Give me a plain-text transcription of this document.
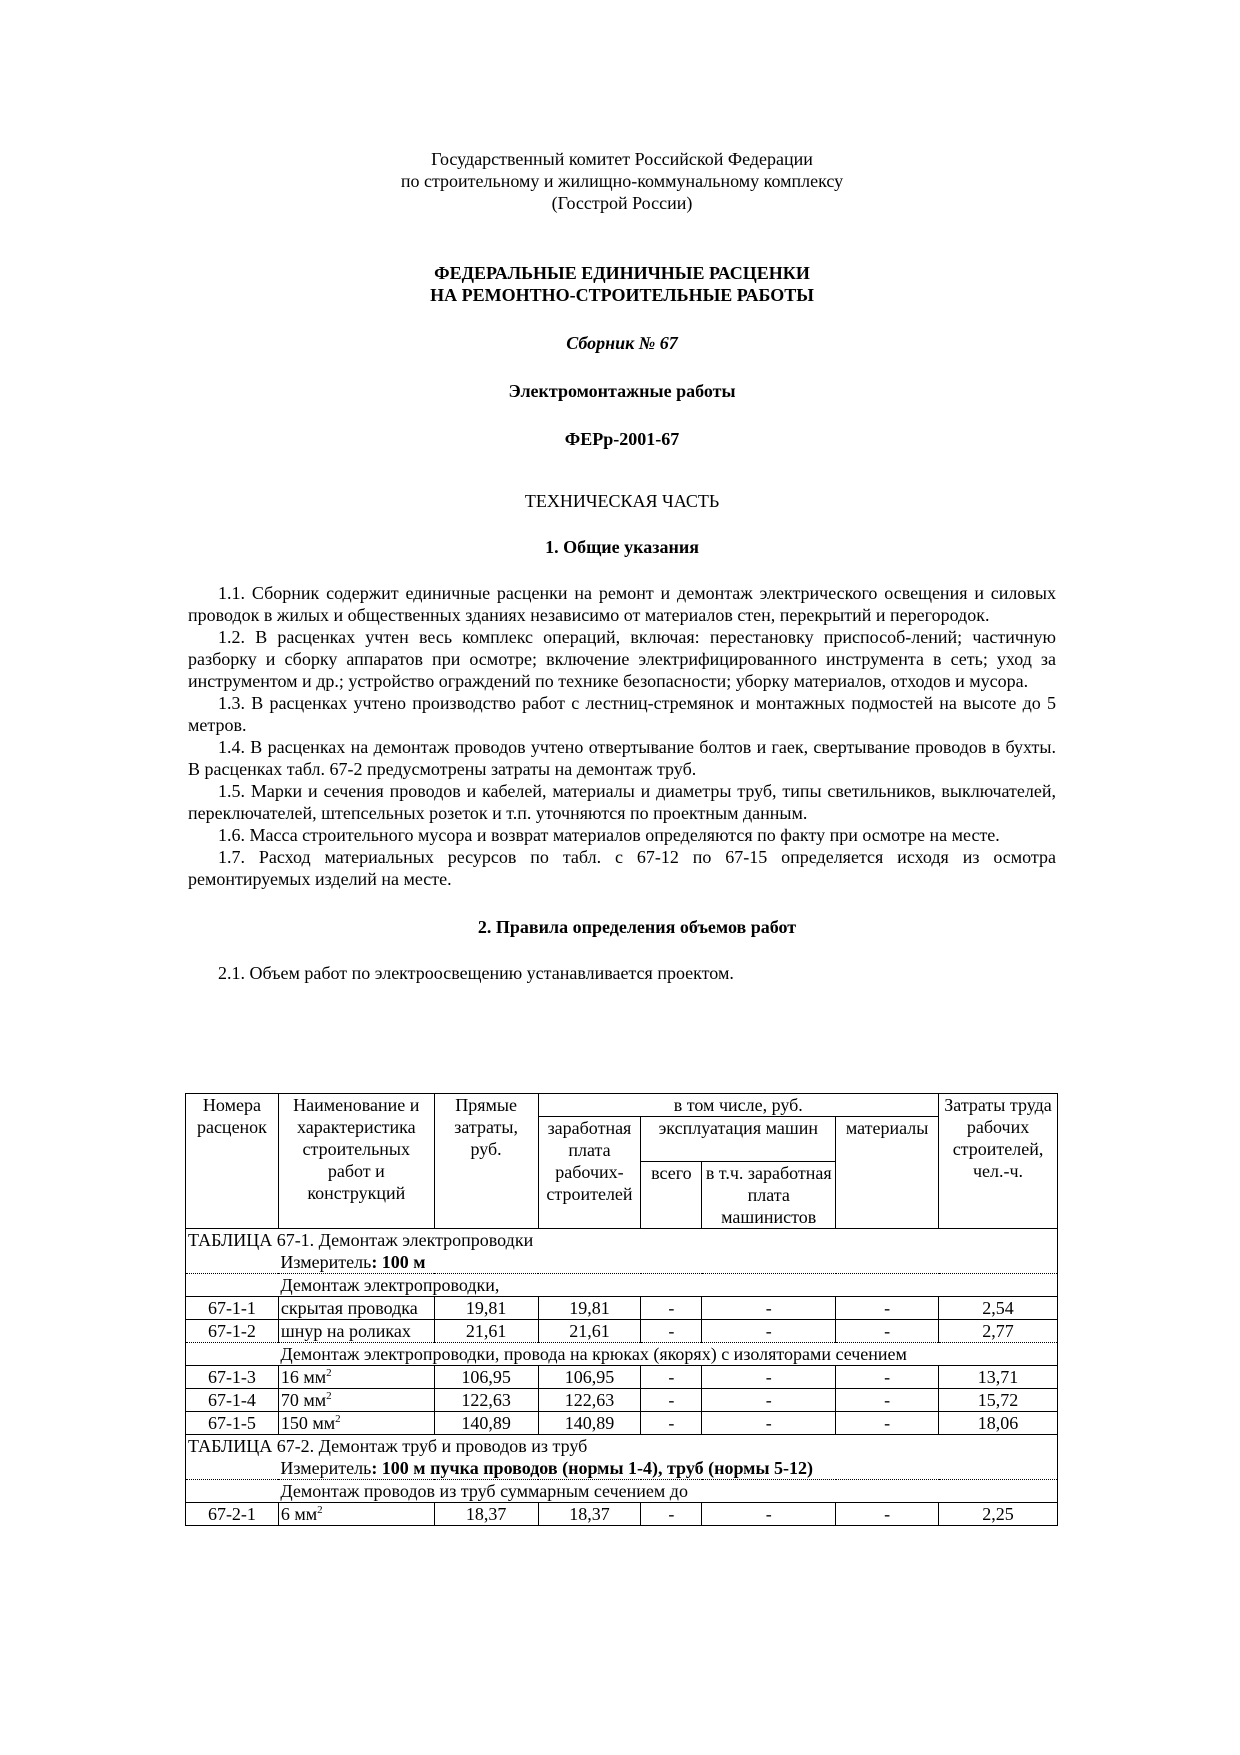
Государственный комитет Российской Федерации
по строительному и жилищно-коммунальному комплексу
(Госстрой России)
ФЕДЕРАЛЬНЫЕ ЕДИНИЧНЫЕ РАСЦЕНКИ
НА РЕМОНТНО-СТРОИТЕЛЬНЫЕ РАБОТЫ
Сборник № 67
Электромонтажные работы
ФЕРр-2001-67
ТЕХНИЧЕСКАЯ ЧАСТЬ
1. Общие указания

1.1. Сборник содержит единичные расценки на ремонт и демонтаж электрического освещения и силовых проводок в жилых и общественных зданиях независимо от материалов стен, перекрытий и перегородок.

1.2. В расценках учтен весь комплекс операций, включая: перестановку приспособ-лений; частичную разборку и сборку аппаратов при осмотре; включение электрифицированного инструмента в сеть; уход за инструментом и др.; устройство ограждений по технике безопасности; уборку материалов, отходов и мусора.

1.3. В расценках учтено производство работ с лестниц-стремянок и монтажных подмостей на высоте до 5 метров.

1.4. В расценках на демонтаж проводов учтено отвертывание болтов и гаек, свертывание проводов в бухты. В расценках табл. 67-2 предусмотрены затраты на демонтаж труб.

1.5. Марки и сечения проводов и кабелей, материалы и диаметры труб, типы светильников, выключателей, переключателей, штепсельных розеток и т.п. уточняются по проектным данным.

1.6. Масса строительного мусора и возврат материалов определяются по факту при осмотре на месте.

1.7. Расход материальных ресурсов по табл. с 67-12 по 67-15 определяется исходя из осмотра ремонтируемых изделий на месте.

2. Правила определения объемов работ

2.1. Объем работ по электроосвещению устанавливается проектом.

Номера расценок	Наименование и характеристика строительных работ и конструкций	Прямые затраты, руб.	в том числе, руб.				Затраты труда рабочих строителей, чел.-ч.
			заработная плата рабочих-строителей	эксплуатация машин		материалы	
				всего	в т.ч. заработная плата машинистов		
ТАБЛИЦА 67-1. Демонтаж электропроводки							
	Измеритель: 100 м						
	Демонтаж электропроводки,						
67-1-1	скрытая проводка	19,81	19,81	-	-	-	2,54
67-1-2	шнур на роликах	21,61	21,61	-	-	-	2,77
	Демонтаж электропроводки, провода на крюках (якорях) с изоляторами сечением						
67-1-3	16 $мм^2$	106,95	106,95	-	-	-	13,71
67-1-4	70 $мм^2$	122,63	122,63	-	-	-	15,72
67-1-5	150 $мм^2$	140,89	140,89	-	-	-	18,06
ТАБЛИЦА 67-2. Демонтаж труб и проводов из труб							
	Измеритель: 100 м пучка проводов (нормы 1-4), труб (нормы 5-12)						
	Демонтаж проводов из труб суммарным сечением до						
67-2-1	6 $мм^2$	18,37	18,37	-	-	-	2,25
